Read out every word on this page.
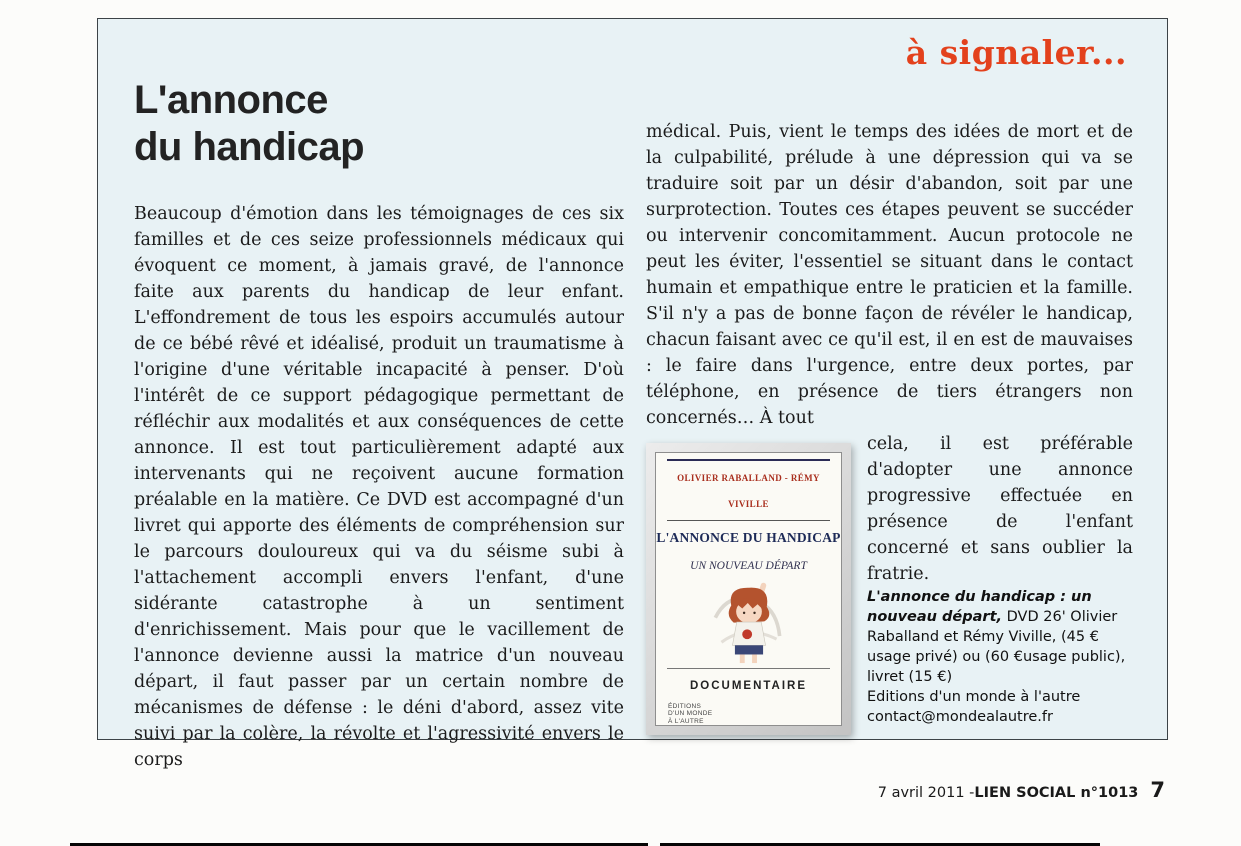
à signaler...
L'annonce
du handicap

Beaucoup d'émotion dans les témoignages de ces six familles et de ces seize professionnels médicaux qui évoquent ce moment, à jamais gravé, de l'annonce faite aux parents du handicap de leur enfant. L'effondrement de tous les espoirs accumulés autour de ce bébé rêvé et idéalisé, produit un traumatisme à l'origine d'une véritable incapacité à penser. D'où l'intérêt de ce support pédagogique permettant de réfléchir aux modalités et aux conséquences de cette annonce. Il est tout particulièrement adapté aux intervenants qui ne reçoivent aucune formation préalable en la matière. Ce DVD est accompagné d'un livret qui apporte des éléments de compréhension sur le parcours douloureux qui va du séisme subi à l'attachement accompli envers l'enfant, d'une sidérante catastrophe à un sentiment d'enrichissement. Mais pour que le vacillement de l'annonce devienne aussi la matrice d'un nouveau départ, il faut passer par un certain nombre de mécanismes de défense : le déni d'abord, assez vite suivi par la colère, la révolte et l'agressivité envers le corps

médical. Puis, vient le temps des idées de mort et de la culpabilité, prélude à une dépression qui va se traduire soit par un désir d'abandon, soit par une surprotection. Toutes ces étapes peuvent se succéder ou intervenir concomitamment. Aucun protocole ne peut les éviter, l'essentiel se situant dans le contact humain et empathique entre le praticien et la famille. S'il n'y a pas de bonne façon de révéler le handicap, chacun faisant avec ce qu'il est, il en est de mauvaises : le faire dans l'urgence, entre deux portes, par téléphone, en présence de tiers étrangers non concernés… À tout

OLIVIER RABALLAND - RÉMY VIVILLE
L'ANNONCE DU HANDICAP
UN NOUVEAU DÉPART
DOCUMENTAIRE
ÉDITIONS
D'UN MONDE
À L'AUTRE

cela, il est préférable d'adopter une annonce progressive effectuée en présence de l'enfant concerné et sans oublier la fratrie.

L'annonce du handicap : un nouveau départ, DVD 26' Olivier Raballand et Rémy Viville, (45 € usage privé) ou (60 €usage public), livret (15 €)

Editions d'un monde à l'autre

contact@mondealautre.fr

7 avril 2011 - LIEN SOCIAL n°1013 7
